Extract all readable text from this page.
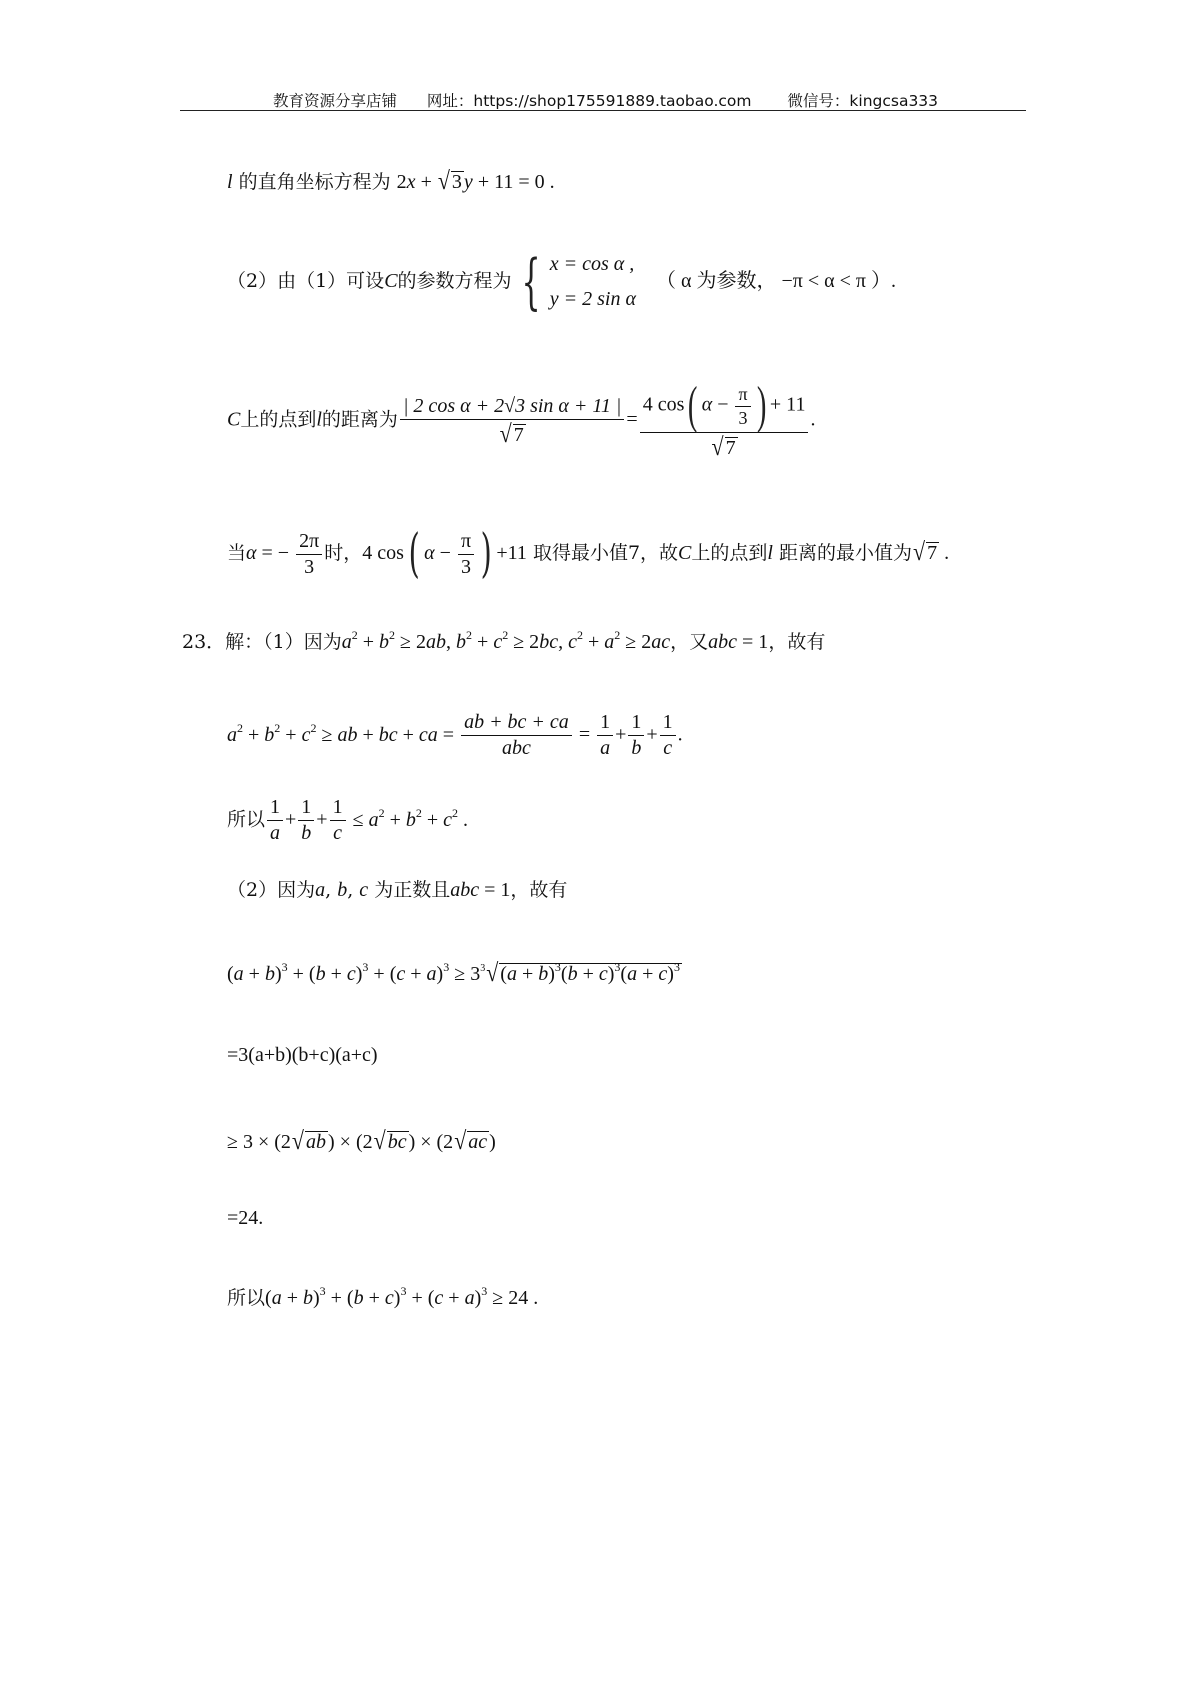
教育资源分享店铺 网址：https://shop175591889.taobao.com 微信号：kingcsa333
l 的直角坐标方程为 2x + √ 3 y + 11 = 0 .
（2）由（1）可设C的参数方程为 { x = cos α ,
y = 2 sin α
（ α 为参数， −π < α < π ）.
C上的点到l的距离为 $\frac{\text{| 2 cos α + 2√3 sin α + 11 |}}{√ 7} = \frac{4 \cos( \alpha - \frac{\pi}{3} ) + 11}{√ 7}$ .
当α = − $\frac{2\pi}{3}$ 时，4 cos( $\alpha - \frac{\pi}{3}$ ) +11 取得最小值7，故C上的点到l 距离的最小值为√ 7 .
23．解：（1）因为$a^2 + b^2 \ge 2ab$, $b^2 + c^2 \ge 2bc$, $c^2 + a^2 \ge 2ac$，又abc = 1，故有
$a^2 + b^2 + c^2$ ≥ ab + bc + ca = $\frac{ab + bc + ca}{\text{abc}} = \frac{1}{a} + \frac{1}{b} + \frac{1}{c}$ .
所以 $\frac{1}{a} + \frac{1}{b} + \frac{1}{c} \le a^2 + b^2 + c^2$ .
（2）因为a, b, c 为正数且abc = 1，故有
$(a + b)^3 + (b + c)^3 + (c + a)^3 \ge 3^3√$ $(a + b)^3(b + c)^3(a + c)^3$
=3(a+b)(b+c)(a+c)
≥ 3 × (2√ ab ) × (2√ bc ) × (2√ ac )
=24.
所以$(a + b)^3 + (b + c)^3 + (c + a)^3 \ge 24$ .
